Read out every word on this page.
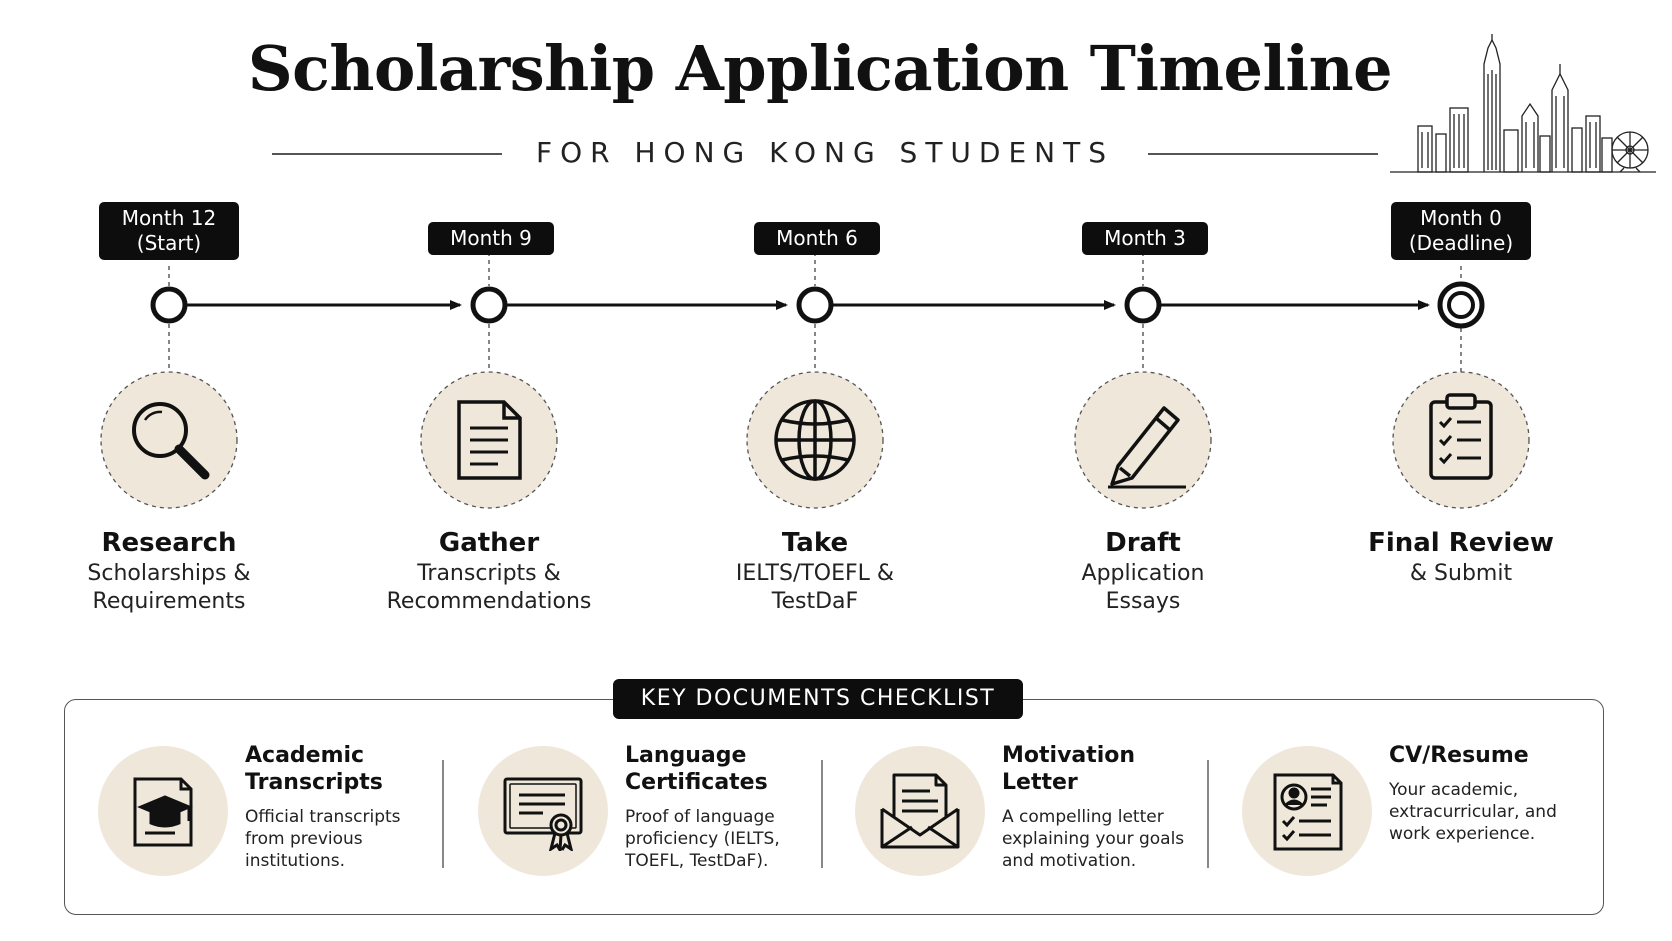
Scholarship Application Timeline
FOR HONG KONG STUDENTS
Month 12
(Start)	Month 9	Month 6	Month 3
Month 0
(Deadline)
Research
Scholarships &
Requirements
Gather
Transcripts &
Recommendations
Take
IELTS/TOEFL &
TestDaF
Draft
Application
Essays
Final Review
& Submit
KEY DOCUMENTS CHECKLIST
Academic
Transcripts
Official transcripts
from previous
institutions.
Language
Certificates
Proof of language
proficiency (IELTS,
TOEFL, TestDaF).
Motivation
Letter
A compelling letter
explaining your goals
and motivation.
CV/Resume
Your academic,
extracurricular, and
work experience.
